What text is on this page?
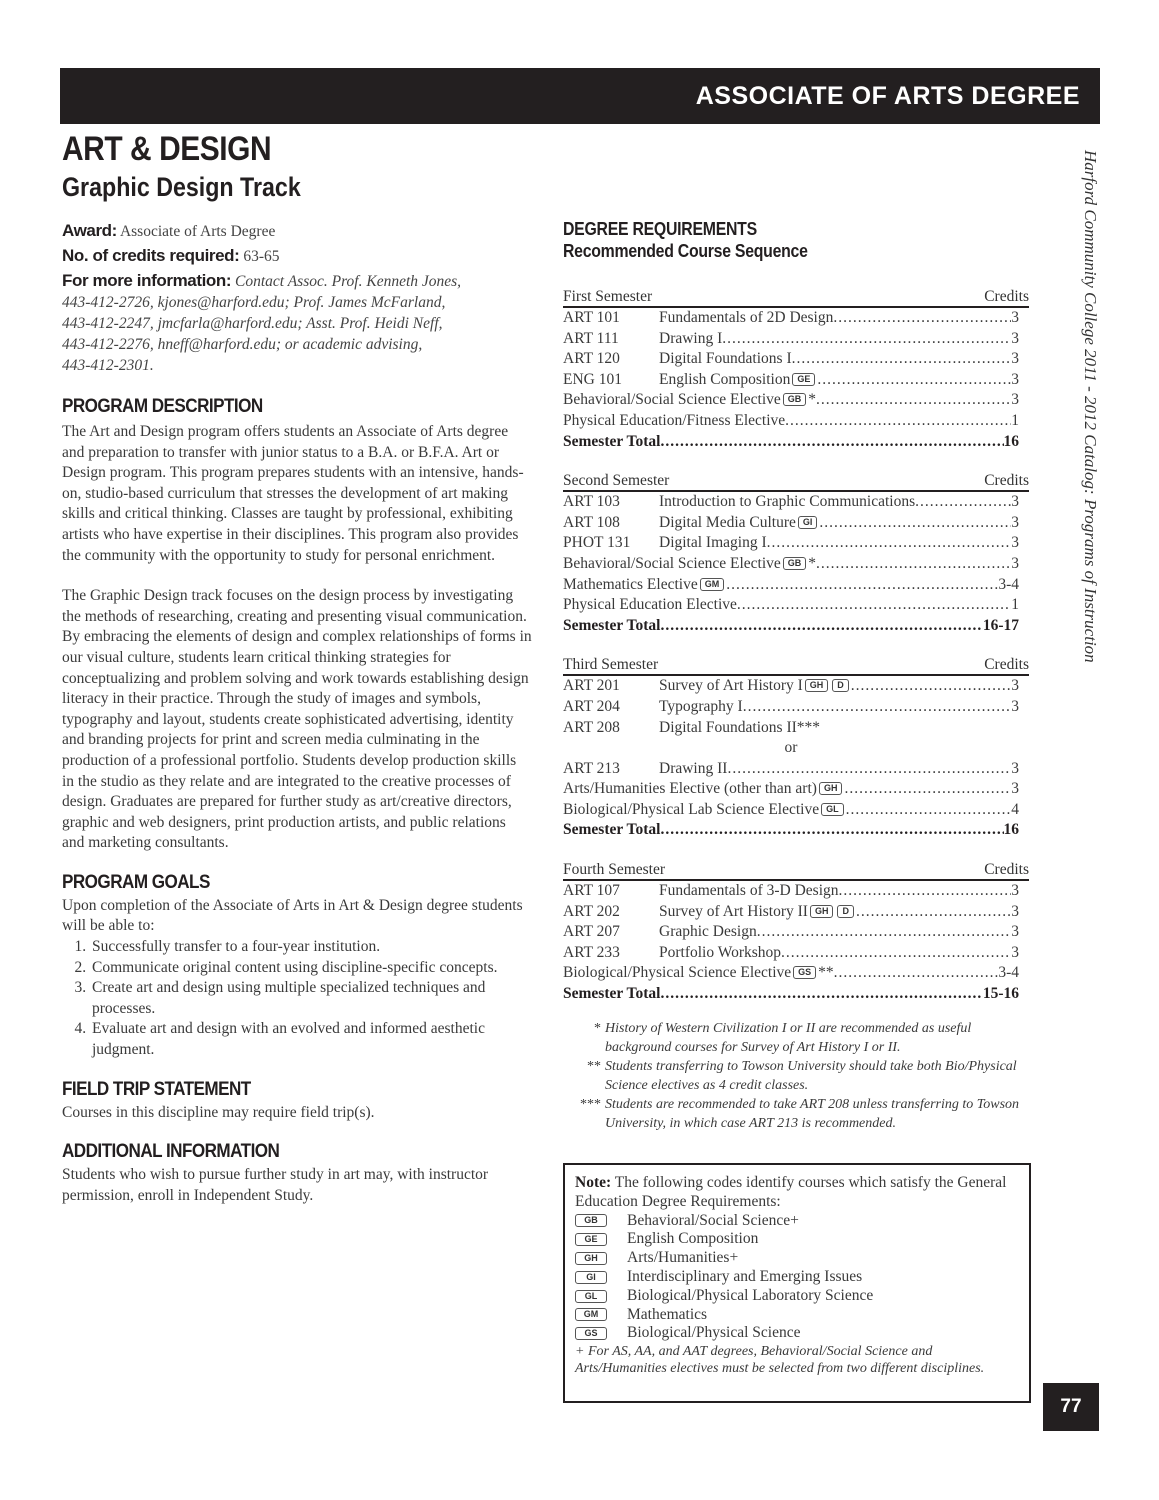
ASSOCIATE OF ARTS DEGREE
Harford Community College 2011 - 2012 Catalog: Programs of Instruction
ART & DESIGN
Graphic Design Track

Award: Associate of Arts Degree

No. of credits required: 63-65

For more information: Contact Assoc. Prof. Kenneth Jones,
443-412-2726, kjones@harford.edu; Prof. James McFarland,
443-412-2247, jmcfarla@harford.edu; Asst. Prof. Heidi Neff,
443-412-2276, hneff@harford.edu; or academic advising,
443-412-2301.
PROGRAM DESCRIPTION

The Art and Design program offers students an Associate of Arts degree and preparation to transfer with junior status to a B.A. or B.F.A. Art or Design program. This program prepares students with an intensive, hands-on, studio-based curriculum that stresses the development of art making skills and critical thinking. Classes are taught by professional, exhibiting artists who have expertise in their disciplines. This program also provides the community with the opportunity to study for personal enrichment.

The Graphic Design track focuses on the design process by investigating the methods of researching, creating and presenting visual communication. By embracing the elements of design and complex relationships of forms in our visual culture, students learn critical thinking strategies for conceptualizing and problem solving and work towards establishing design literacy in their practice. Through the study of images and symbols, typography and layout, students create sophisticated advertising, identity and branding projects for print and screen media culminating in the production of a professional portfolio. Students develop production skills in the studio as they relate and are integrated to the creative processes of design. Graduates are prepared for further study as art/creative directors, graphic and web designers, print production artists, and public relations and marketing consultants.

PROGRAM GOALS

Upon completion of the Associate of Arts in Art & Design degree students will be able to:

1. Successfully transfer to a four-year institution.
2. Communicate original content using discipline-specific concepts.
3. Create art and design using multiple specialized techniques and processes.
4. Evaluate art and design with an evolved and informed aesthetic judgment.
FIELD TRIP STATEMENT

Courses in this discipline may require field trip(s).

ADDITIONAL INFORMATION

Students who wish to pursue further study in art may, with instructor permission, enroll in Independent Study.

DEGREE REQUIREMENTS
Recommended Course Sequence
First Semester	Credits
ART 101	Fundamentals of 2D Design .....	3
ART 111	Drawing I .....	3
ART 120	Digital Foundations I .....	3
ENG 101	English Composition GE .....	3
Behavioral/Social Science Elective GB * .....	3
Physical Education/Fitness Elective .....	1
Semester Total .....	16
Second Semester	Credits
ART 103	Introduction to Graphic Communications .....	3
ART 108	Digital Media Culture GI .....	3
PHOT 131	Digital Imaging I .....	3
Behavioral/Social Science Elective GB * .....	3
Mathematics Elective GM .....	3-4
Physical Education Elective .....	1
Semester Total .....	16-17
Third Semester	Credits
ART 201	Survey of Art History I GH D .....	3
ART 204	Typography I .....	3
ART 208	Digital Foundations II***
or
ART 213	Drawing II .....	3
Arts/Humanities Elective (other than art) GH .....	3
Biological/Physical Lab Science Elective GL .....	4
Semester Total .....	16
Fourth Semester	Credits
ART 107	Fundamentals of 3-D Design .....	3
ART 202	Survey of Art History II GH D .....	3
ART 207	Graphic Design .....	3
ART 233	Portfolio Workshop .....	3
Biological/Physical Science Elective GS ** .....	3-4
Semester Total .....	15-16
* History of Western Civilization I or II are recommended as useful background courses for Survey of Art History I or II.
** Students transferring to Towson University should take both Bio/Physical Science electives as 4 credit classes.
*** Students are recommended to take ART 208 unless transferring to Towson University, in which case ART 213 is recommended.
Note: The following codes identify courses which satisfy the General Education Degree Requirements:
GB	Behavioral/Social Science+
GE	English Composition
GH	Arts/Humanities+
GI	Interdisciplinary and Emerging Issues
GL	Biological/Physical Laboratory Science
GM	Mathematics
GS	Biological/Physical Science
+ For AS, AA, and AAT degrees, Behavioral/Social Science and Arts/Humanities electives must be selected from two different disciplines.
77
